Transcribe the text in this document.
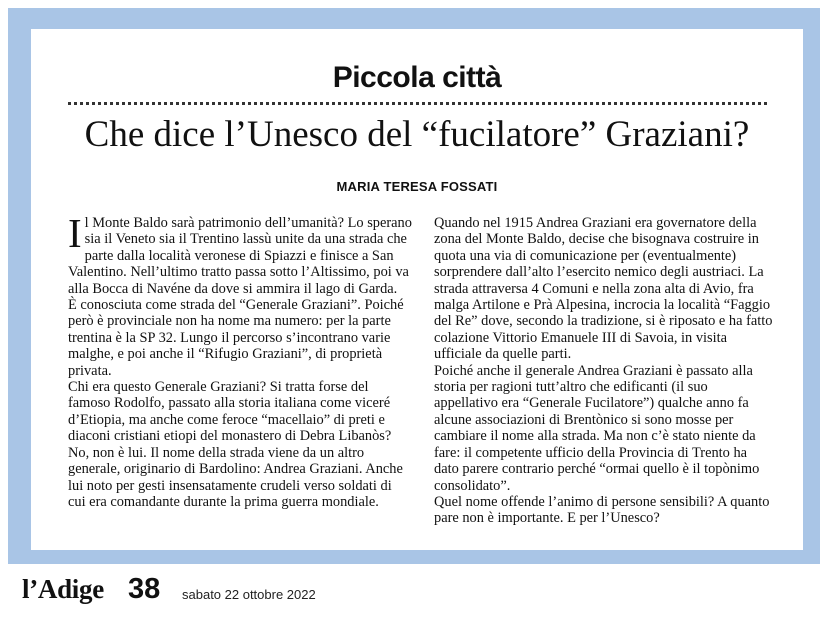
Piccola città
Che dice l’Unesco del “fucilatore” Graziani?
MARIA TERESA FOSSATI

Il Monte Baldo sarà patrimonio dell’umanità? Lo sperano sia il Veneto sia il Trentino lassù unite da una strada che parte dalla località veronese di Spiazzi e finisce a San Valentino. Nell’ultimo tratto passa sotto l’Altissimo, poi va alla Bocca di Navéne da dove si ammira il lago di Garda.

È conosciuta come strada del “Generale Graziani”. Poiché però è provinciale non ha nome ma numero: per la parte trentina è la SP 32. Lungo il percorso s’incontrano varie malghe, e poi anche il “Rifugio Graziani”, di proprietà privata.

Chi era questo Generale Graziani? Si tratta forse del famoso Rodolfo, passato alla storia italiana come viceré d’Etiopia, ma anche come feroce “macellaio” di preti e diaconi cristiani etiopi del monastero di Debra Libanòs?

No, non è lui. Il nome della strada viene da un altro generale, originario di Bardolino: Andrea Graziani. Anche lui noto per gesti insensatamente crudeli verso soldati di cui era comandante durante la prima guerra mondiale.

Quando nel 1915 Andrea Graziani era governatore della zona del Monte Baldo, decise che bisognava costruire in quota una via di comunicazione per (eventualmente) sorprendere dall’alto l’esercito nemico degli austriaci. La strada attraversa 4 Comuni e nella zona alta di Avio, fra malga Artilone e Prà Alpesina, incrocia la località “Faggio del Re” dove, secondo la tradizione, si è riposato e ha fatto colazione Vittorio Emanuele III di Savoia, in visita ufficiale da quelle parti.

Poiché anche il generale Andrea Graziani è passato alla storia per ragioni tutt’altro che edificanti (il suo appellativo era “Generale Fucilatore”) qualche anno fa alcune associazioni di Brentònico si sono mosse per cambiare il nome alla strada. Ma non c’è stato niente da fare: il competente ufficio della Provincia di Trento ha dato parere contrario perché “ormai quello è il topònimo consolidato”.

Quel nome offende l’animo di persone sensibili? A quanto pare non è importante. E per l’Unesco?

l’Adige 38 sabato 22 ottobre 2022
